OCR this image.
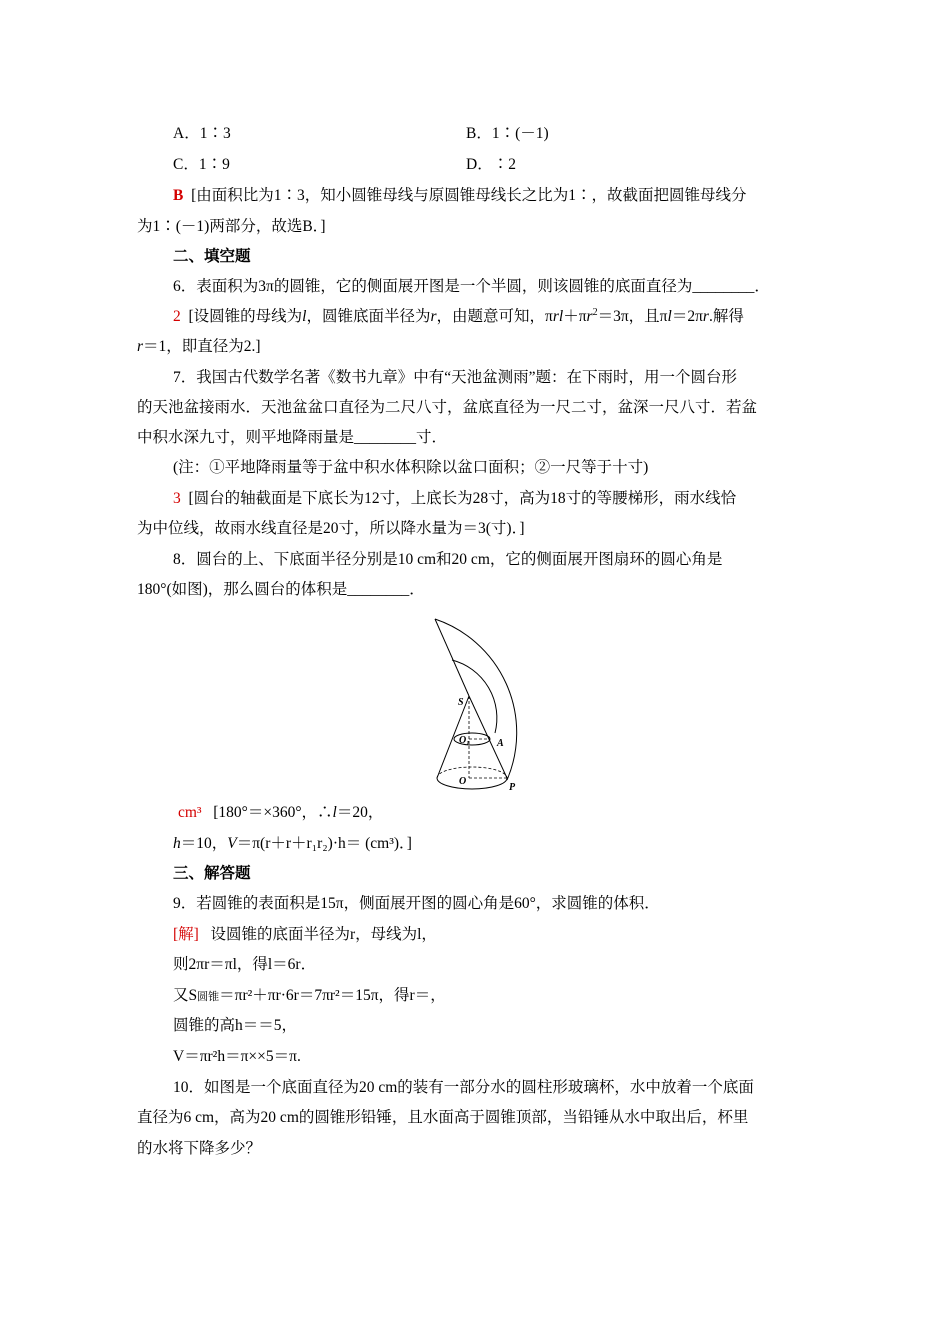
A．1∶3	B．1∶(－1)
C．1∶9	D．∶2
B [由面积比为1∶3，知小圆锥母线与原圆锥母线长之比为1∶，故截面把圆锥母线分
为1∶(－1)两部分，故选B．]
二、填空题
6．表面积为3π的圆锥，它的侧面展开图是一个半圆，则该圆锥的底面直径为________．
2 [设圆锥的母线为l，圆锥底面半径为r，由题意可知，$\pi rl+\pi r^2=3\pi$，且πl＝2πr.解得
r＝1，即直径为2.]
7．我国古代数学名著《数书九章》中有“天池盆测雨”题：在下雨时，用一个圆台形
的天池盆接雨水．天池盆盆口直径为二尺八寸，盆底直径为一尺二寸，盆深一尺八寸．若盆
中积水深九寸，则平地降雨量是________寸．
(注：①平地降雨量等于盆中积水体积除以盆口面积；②一尺等于十寸)
3 [圆台的轴截面是下底长为12寸，上底长为28寸，高为18寸的等腰梯形，雨水线恰
为中位线，故雨水线直径是20寸，所以降水量为＝3(寸)．]
8．圆台的上、下底面半径分别是10 cm和20 cm，它的侧面展开图扇环的圆心角是
180°(如图)，那么圆台的体积是________．
S
O₁	A
O
P
cm³ [180°＝×360°，∴l＝20，
h＝10，V＝π(r＋r＋r₁r₂)·h＝ (cm³)．]
三、解答题
9．若圆锥的表面积是15π，侧面展开图的圆心角是60°，求圆锥的体积．
[解] 设圆锥的底面半径为r，母线为l，
则2πr＝πl，得l＝6r．
又S圆锥＝πr²＋πr·6r＝7πr²＝15π，得r＝，
圆锥的高h＝＝5，
V＝πr²h＝π××5＝π.
10．如图是一个底面直径为20 cm的装有一部分水的圆柱形玻璃杯，水中放着一个底面
直径为6 cm，高为20 cm的圆锥形铅锤，且水面高于圆锥顶部，当铅锤从水中取出后，杯里
的水将下降多少？
